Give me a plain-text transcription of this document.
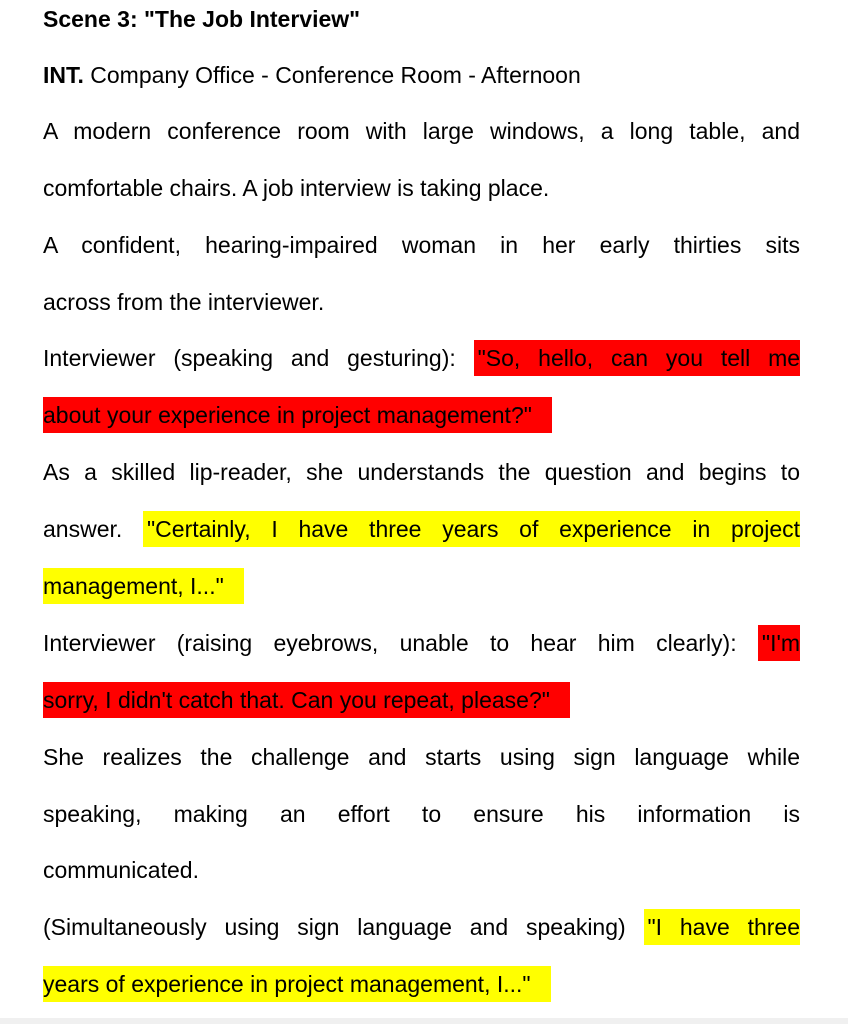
Scene 3: "The Job Interview"
INT. Company Office - Conference Room - Afternoon
A modern conference room with large windows, a long table, and
comfortable chairs. A job interview is taking place.
A confident, hearing-impaired woman in her early thirties sits
across from the interviewer.
Interviewer (speaking and gesturing): "So, hello, can you tell me
about your experience in project management?"
As a skilled lip-reader, she understands the question and begins to
answer. "Certainly, I have three years of experience in project
management, I..."
Interviewer (raising eyebrows, unable to hear him clearly): "I'm
sorry, I didn't catch that. Can you repeat, please?"
She realizes the challenge and starts using sign language while
speaking, making an effort to ensure his information is
communicated.
(Simultaneously using sign language and speaking) "I have three
years of experience in project management, I..."
